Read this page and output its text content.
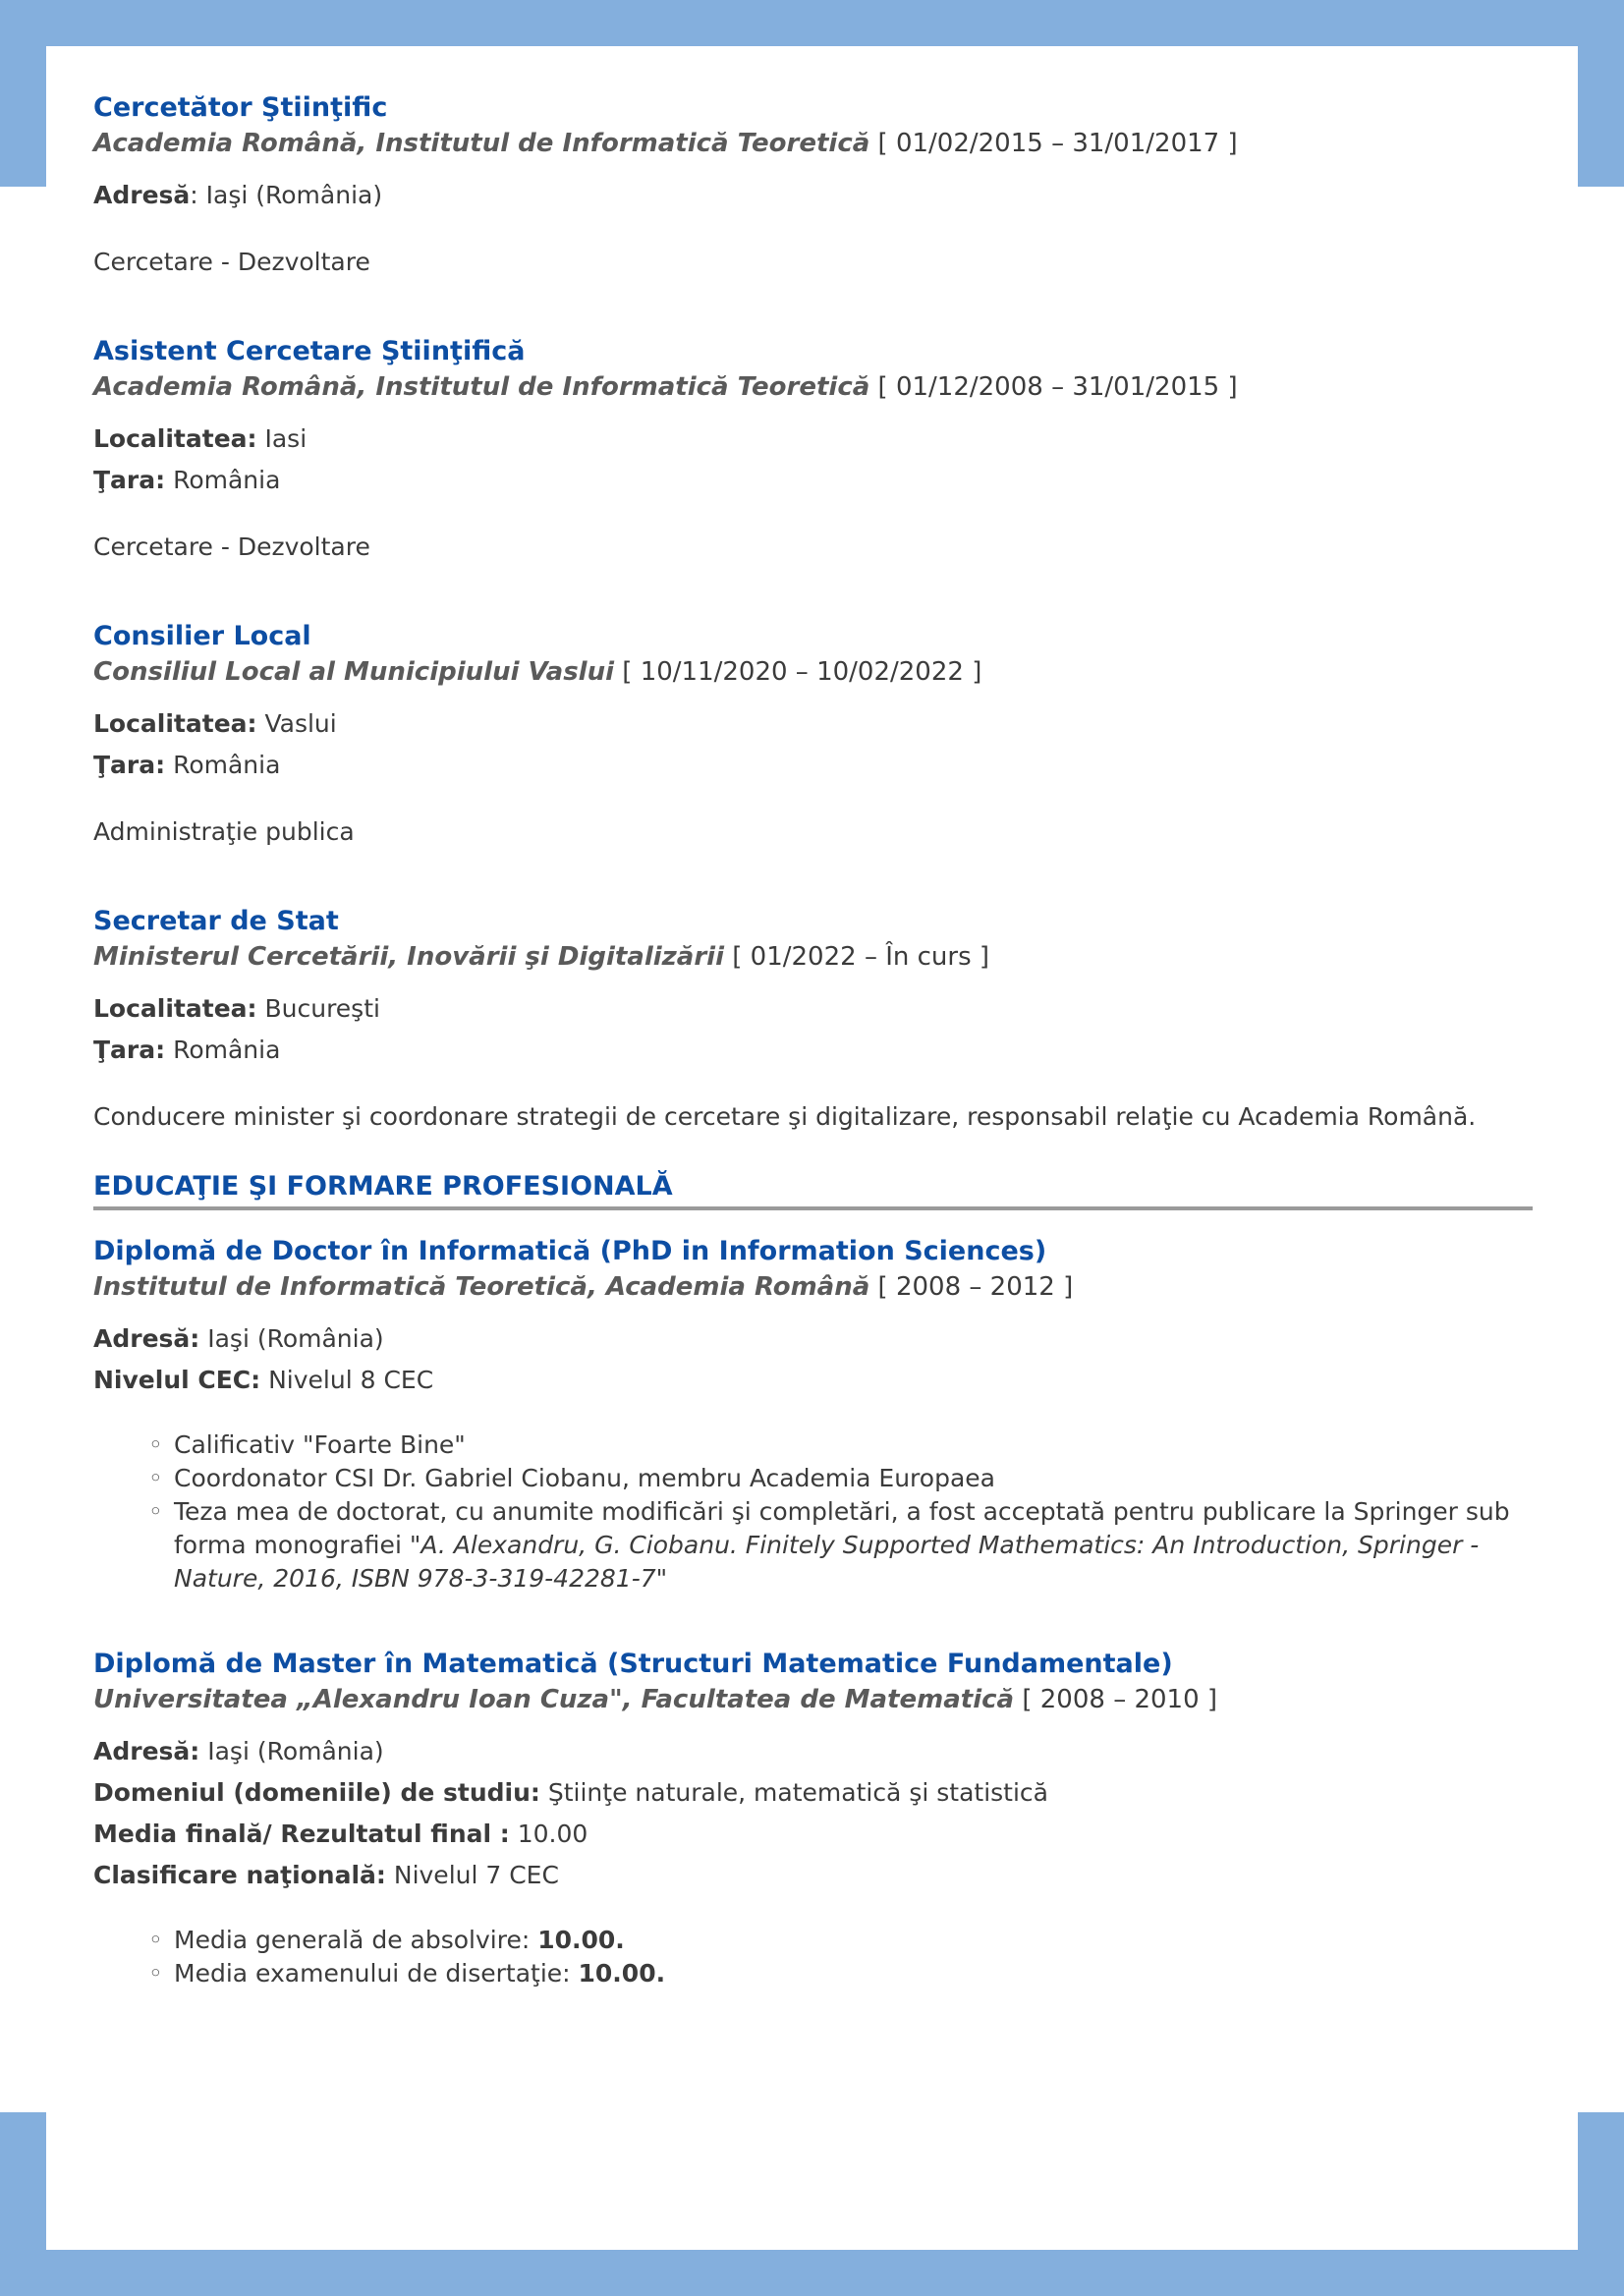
Cercetător Ştiinţific

Academia Română, Institutul de Informatică Teoretică [ 01/02/2015 – 31/01/2017 ]

Adresă: Iaşi (România)

Cercetare - Dezvoltare

Asistent Cercetare Ştiinţifică

Academia Română, Institutul de Informatică Teoretică [ 01/12/2008 – 31/01/2015 ]

Localitatea: Iasi

Ţara: România

Cercetare - Dezvoltare

Consilier Local

Consiliul Local al Municipiului Vaslui [ 10/11/2020 – 10/02/2022 ]

Localitatea: Vaslui

Ţara: România

Administraţie publica

Secretar de Stat

Ministerul Cercetării, Inovării şi Digitalizării [ 01/2022 – În curs ]

Localitatea: Bucureşti

Ţara: România

Conducere minister şi coordonare strategii de cercetare şi digitalizare, responsabil relaţie cu Academia Română.

EDUCAŢIE ŞI FORMARE PROFESIONALĂ

Diplomă de Doctor în Informatică (PhD in Information Sciences)

Institutul de Informatică Teoretică, Academia Română [ 2008 – 2012 ]

Adresă: Iaşi (România)

Nivelul CEC: Nivelul 8 CEC

◦ Calificativ "Foarte Bine"
◦ Coordonator CSI Dr. Gabriel Ciobanu, membru Academia Europaea
◦ Teza mea de doctorat, cu anumite modificări şi completări, a fost acceptată pentru publicare la Springer sub forma monografiei "A. Alexandru, G. Ciobanu. Finitely Supported Mathematics: An Introduction, Springer - Nature, 2016, ISBN 978-3-319-42281-7"

Diplomă de Master în Matematică (Structuri Matematice Fundamentale)

Universitatea „Alexandru Ioan Cuza", Facultatea de Matematică [ 2008 – 2010 ]

Adresă: Iaşi (România)

Domeniul (domeniile) de studiu: Ştiinţe naturale, matematică şi statistică

Media finală/ Rezultatul final : 10.00

Clasificare naţională: Nivelul 7 CEC

◦ Media generală de absolvire: 10.00.
◦ Media examenului de disertaţie: 10.00.
